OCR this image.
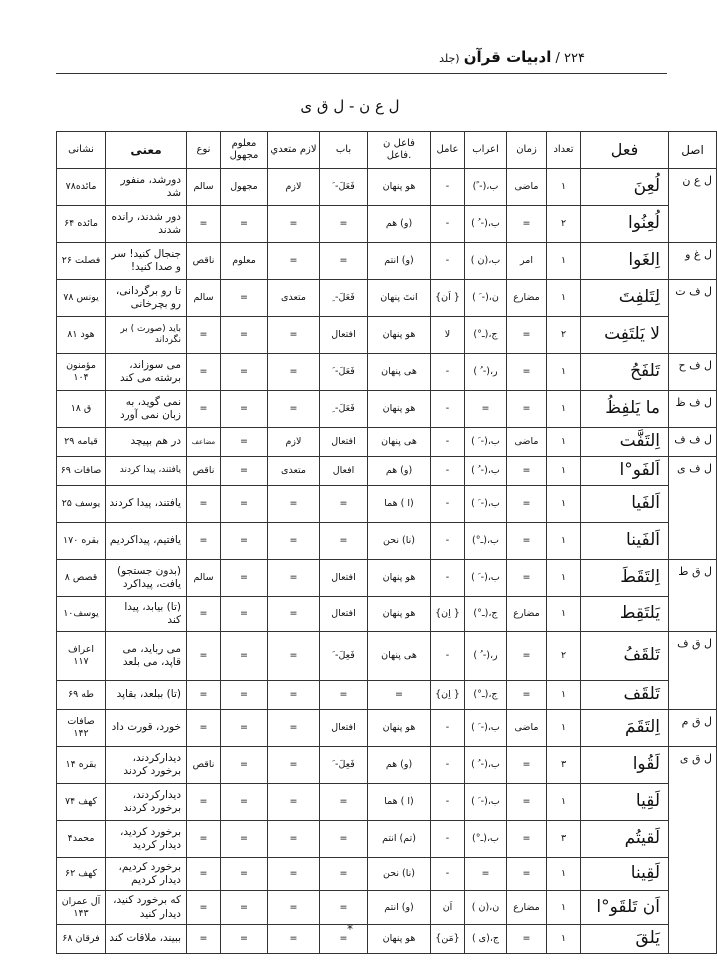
۲۲۴ / ادبیات قرآن (جلد
ل ع ن - ل ق ی
اصل	فعل	تعداد	زمان	اعراب	عامل	فاعل ن .فاعل	باب	لازم متعدي	معلوم مجهول	نوع	معنی	نشانی
ل ع ن	لُعِنَ	۱	ماضی	ب،(- ً)	-	هو پنهان	فَعَلَ- َ	لازم	مجهول	سالم	دورشد، منفور شد	مائده۷۸
	لُعِنُوا	۲	=	ب،(- ُ )	-	(و) هم	=	=	=	=	دور شدند، رانده شدند	مائده ۶۴
ل غ و	اِلغَوا	۱	امر	ب،(ن )	-	(و) انتم	=	=	معلوم	ناقص	جنجال کنید! سر و صدا کنید!	فصلت ۲۶
ل ف ت	لِتَلفِتَ	۱	مضارع	ن،(- َ )	{ اَن}	انتَ پنهان	فَعَلَ- ِ	متعدی	=	سالم	تا رو برگردانی، رو بچرخانی	یونس ۷۸
	لا یَلتَفِت	۲	=	ج،(ـ°)	لا	هو پنهان	افتعال	=	=	=	باید (صورت ) بر نگرداند	هود ۸۱
ل ف ح	تَلفَحُ	۱	=	ر،(- ُ )	-	هی پنهان	فَعَلَ- َ	=	=	=	می سوزاند، برشته می کند	مؤمنون ۱۰۴
ل ف ظ	ما یَلفِظُ	۱	=	=	-	هو پنهان	فَعَلَ- ِ	=	=	=	نمی گوید، به زبان نمی آورد	ق ۱۸
ل ف ف	اِلتَفَّت	۱	ماضی	ب،(- َ )	-	هی پنهان	افتعال	لازم	=	مضاعف	در هم بپیچد	قیامه ۲۹
ل ف ی	اَلفَو°ا	۱	=	ب،(- ُ )	-	(و) هم	افعال	متعدی	=	ناقص	یافتند، پیدا کردند	صافات ۶۹
	اَلفَیا	۱	=	ب،(- َ )	-	(ا ) هما	=	=	=	=	یافتند، پیدا کردند	یوسف ۲۵
	اَلفَینا	۱	=	ب،(ـ°)	-	(نا) نحن	=	=	=	=	یافتیم، پیداکردیم	بقره ۱۷۰
ل ق ط	اِلتَقَطَ	۱	=	ب،(- َ )	-	هو پنهان	افتعال	=	=	سالم	(بدون جستجو) یافت، پیداکرد	قصص ۸
	یَلتَقِط	۱	مضارع	ج،(ـ°)	{ اِن}	هو پنهان	افتعال	=	=	=	(تا) بیابد، پیدا کند	یوسف۱۰
ل ق ف	تَلقَفُ	۲	=	ر،(- ُ )	-	هی پنهان	فَعِلَ- َ	=	=	=	می رباید، می قاپد، می بلعد	اعراف ۱۱۷
	تَلقَف	۱	=	ج،(ـ°)	{ اِن}	=	=	=	=	=	(تا) ببلعد، بقاپد	طه ۶۹
ل ق م	اِلتَقَمَ	۱	ماضی	ب،(- َ )	-	هو پنهان	افتعال	=	=	=	خورد، قورت داد	صافات ۱۴۲
ل ق ی	لَقُوا	۳	=	ب،(- ُ )	-	(و) هم	فَعِلَ- َ	=	=	ناقص	دیدارکردند، برخورد کردند	بقره ۱۴
	لَقِیا	۱	=	ب،(- َ )	-	(ا ) هما	=	=	=	=	دیدارکردند، برخورد کردند	کهف ۷۴
	لَقیتُم	۳	=	ب،(ـ°)	-	(تم) انتم	=	=	=	=	برخورد کردید، دیدار کردید	محمد۴
	لَقِینا	۱	=	=	-	(نا) نحن	=	=	=	=	برخورد کردیم، دیدار کردیم	کهف ۶۲
	اَن تَلقَو°ا	۱	مضارع	ن،(ن )	اَن	(و) انتم	=	=	=	=	که برخورد کنید، دیدار کنید	آل عمران ۱۴۳
	یَلقَ	۱	=	ج،(ی )	{مَن}	هو پنهان	=	=	=	=	ببیند، ملاقات کند	فرقان ۶۸
*
